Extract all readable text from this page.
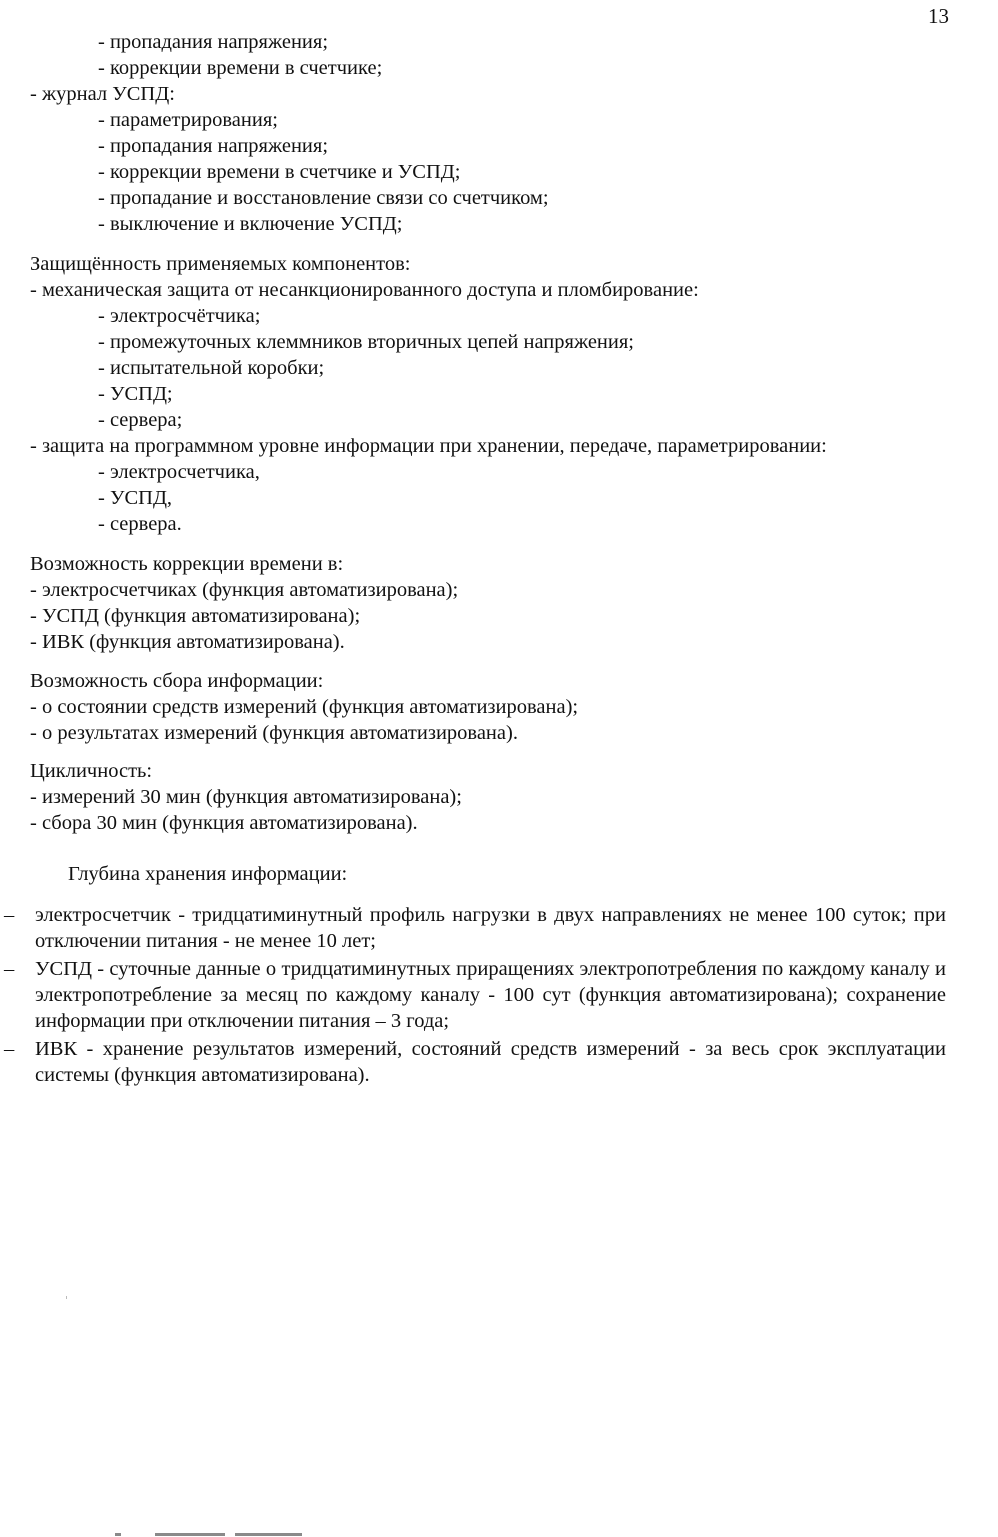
13
- пропадания напряжения;
- коррекции времени в счетчике;
- журнал УСПД:
- параметрирования;
- пропадания напряжения;
- коррекции времени в счетчике и УСПД;
- пропадание и восстановление связи со счетчиком;
- выключение и включение УСПД;
Защищённость применяемых компонентов:
- механическая защита от несанкционированного доступа и пломбирование:
- электросчётчика;
- промежуточных клеммников вторичных цепей напряжения;
- испытательной коробки;
- УСПД;
- сервера;
- защита на программном уровне информации при хранении, передаче, параметрировании:
- электросчетчика,
- УСПД,
- сервера.
Возможность коррекции времени в:
- электросчетчиках (функция автоматизирована);
- УСПД (функция автоматизирована);
- ИВК (функция автоматизирована).
Возможность сбора информации:
- о состоянии средств измерений (функция автоматизирована);
- о результатах измерений (функция автоматизирована).
Цикличность:
- измерений 30 мин (функция автоматизирована);
- сбора 30 мин (функция автоматизирована).
Глубина хранения информации:
– электросчетчик - тридцатиминутный профиль нагрузки в двух направлениях не менее 100 суток; при отключении питания - не менее 10 лет;
– УСПД - суточные данные о тридцатиминутных приращениях электропотребления по каждому каналу и электропотребление за месяц по каждому каналу - 100 сут (функция автоматизирована); сохранение информации при отключении питания – 3 года;
– ИВК - хранение результатов измерений, состояний средств измерений - за весь срок эксплуатации системы (функция автоматизирована).
